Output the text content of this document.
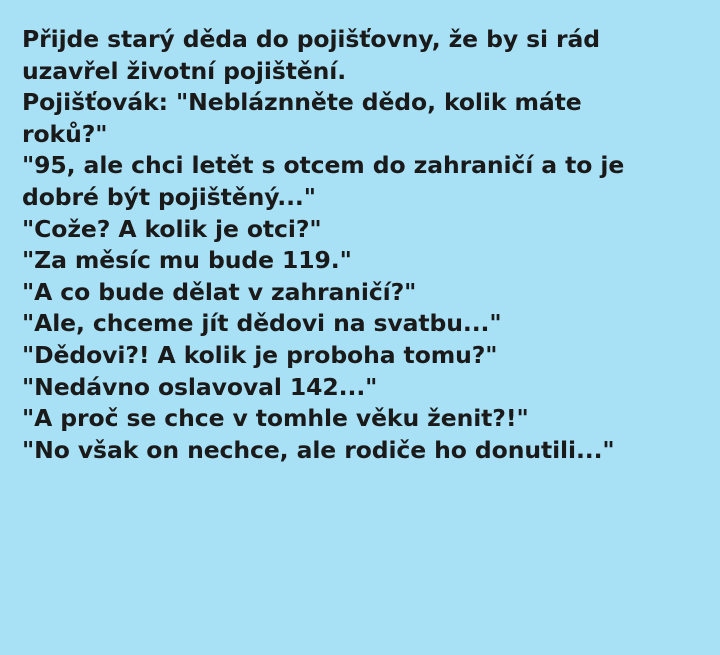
Přijde starý děda do pojišťovny, že by si rád
uzavřel životní pojištění.
Pojišťovák: "Nebláznněte dědo, kolik máte
roků?"
"95, ale chci letět s otcem do zahraničí a to je
dobré být pojištěný..."
"Cože? A kolik je otci?"
"Za měsíc mu bude 119."
"A co bude dělat v zahraničí?"
"Ale, chceme jít dědovi na svatbu..."
"Dědovi?! A kolik je proboha tomu?"
"Nedávno oslavoval 142..."
"A proč se chce v tomhle věku ženit?!"
"No však on nechce, ale rodiče ho donutili..."
